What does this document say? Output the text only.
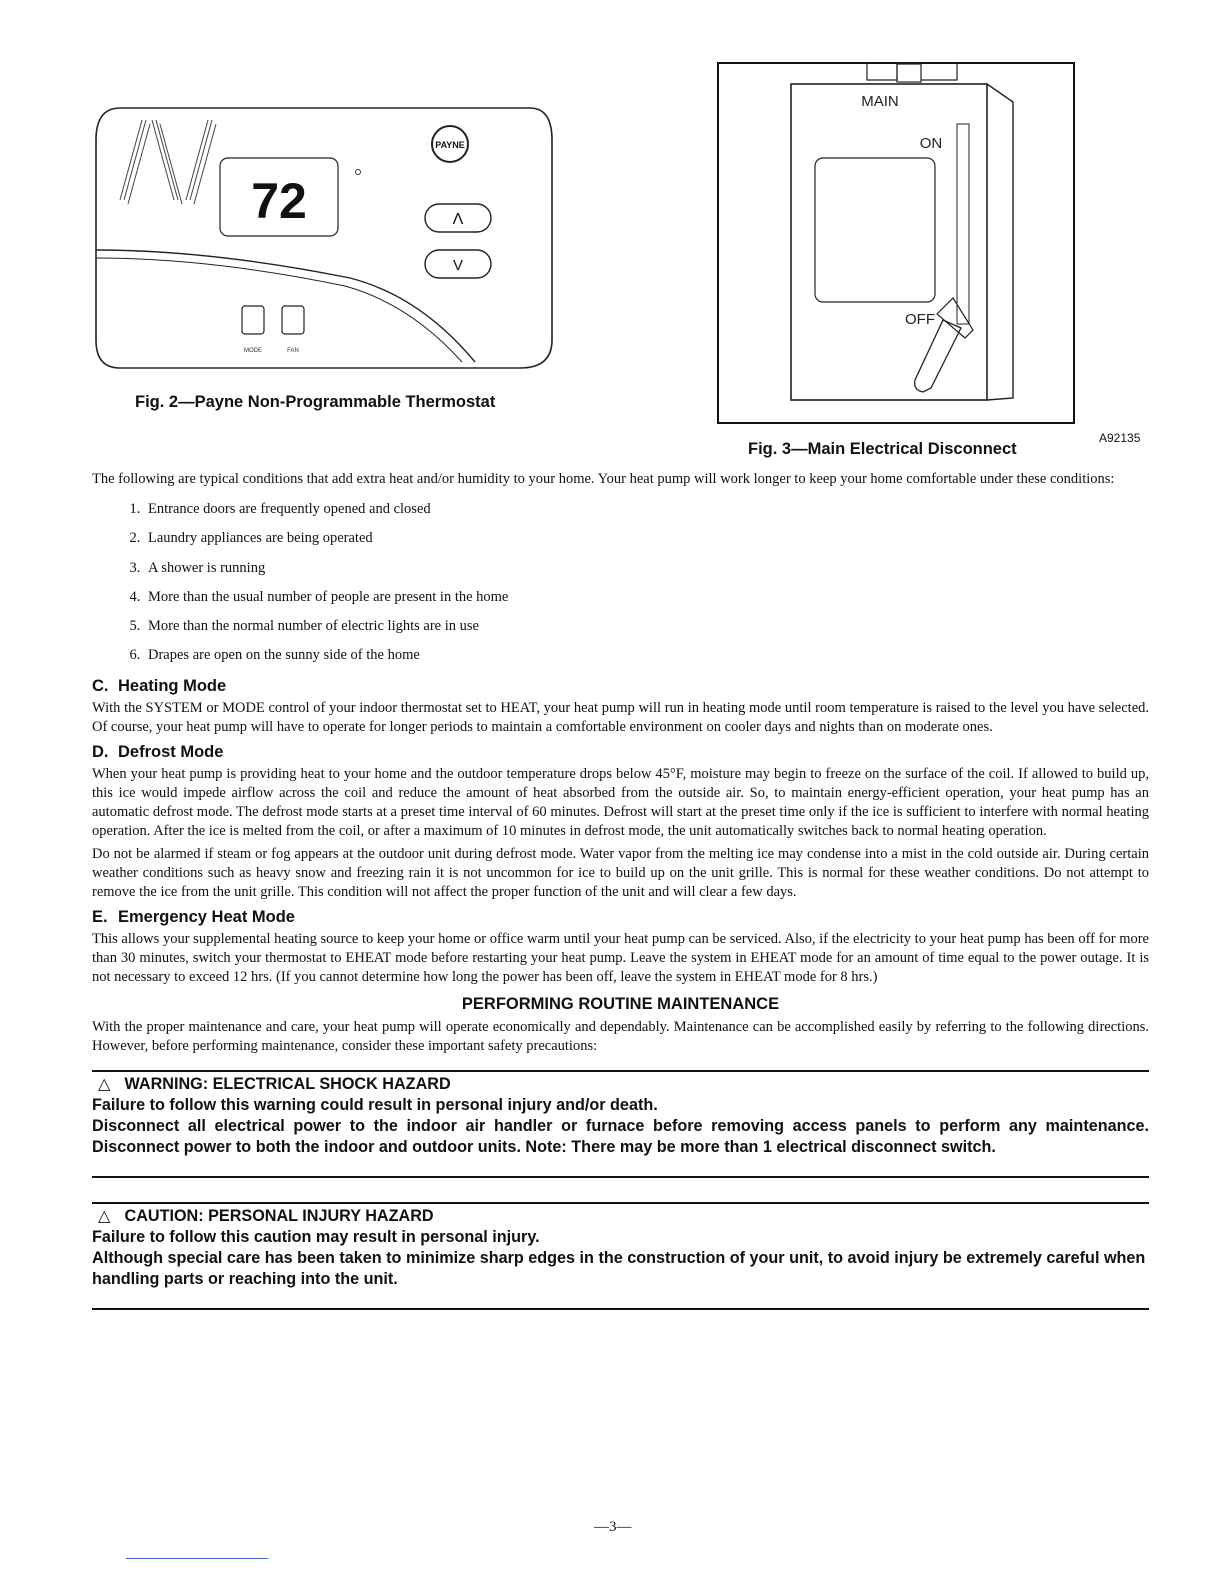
72
PAYNE
Λ
V
MODE	FAN
Fig. 2—Payne Non-Programmable Thermostat
MAIN
ON
OFF
Fig. 3—Main Electrical Disconnect
A92135

The following are typical conditions that add extra heat and/or humidity to your home. Your heat pump will work longer to keep your home comfortable under these conditions:

1. Entrance doors are frequently opened and closed
2. Laundry appliances are being operated
3. A shower is running
4. More than the usual number of people are present in the home
5. More than the normal number of electric lights are in use
6. Drapes are open on the sunny side of the home
C. Heating Mode

With the SYSTEM or MODE control of your indoor thermostat set to HEAT, your heat pump will run in heating mode until room temperature is raised to the level you have selected. Of course, your heat pump will have to operate for longer periods to maintain a comfortable environment on cooler days and nights than on moderate ones.

D. Defrost Mode

When your heat pump is providing heat to your home and the outdoor temperature drops below 45°F, moisture may begin to freeze on the surface of the coil. If allowed to build up, this ice would impede airflow across the coil and reduce the amount of heat absorbed from the outside air. So, to maintain energy-efficient operation, your heat pump has an automatic defrost mode. The defrost mode starts at a preset time interval of 60 minutes. Defrost will start at the preset time only if the ice is sufficient to interfere with normal heating operation. After the ice is melted from the coil, or after a maximum of 10 minutes in defrost mode, the unit automatically switches back to normal heating operation.

Do not be alarmed if steam or fog appears at the outdoor unit during defrost mode. Water vapor from the melting ice may condense into a mist in the cold outside air. During certain weather conditions such as heavy snow and freezing rain it is not uncommon for ice to build up on the unit grille. This is normal for these weather conditions. Do not attempt to remove the ice from the unit grille. This condition will not affect the proper function of the unit and will clear a few days.

E. Emergency Heat Mode

This allows your supplemental heating source to keep your home or office warm until your heat pump can be serviced. Also, if the electricity to your heat pump has been off for more than 30 minutes, switch your thermostat to EHEAT mode before restarting your heat pump. Leave the system in EHEAT mode for an amount of time equal to the power outage. It is not necessary to exceed 12 hrs. (If you cannot determine how long the power has been off, leave the system in EHEAT mode for 8 hrs.)

PERFORMING ROUTINE MAINTENANCE

With the proper maintenance and care, your heat pump will operate economically and dependably. Maintenance can be accomplished easily by referring to the following directions. However, before performing maintenance, consider these important safety precautions:

△ WARNING: ELECTRICAL SHOCK HAZARD
Failure to follow this warning could result in personal injury and/or death.
Disconnect all electrical power to the indoor air handler or furnace before removing access panels to perform any maintenance. Disconnect power to both the indoor and outdoor units. Note: There may be more than 1 electrical disconnect switch.
△ CAUTION: PERSONAL INJURY HAZARD
Failure to follow this caution may result in personal injury.
Although special care has been taken to minimize sharp edges in the construction of your unit, to avoid injury be extremely careful when handling parts or reaching into the unit.
—3—
